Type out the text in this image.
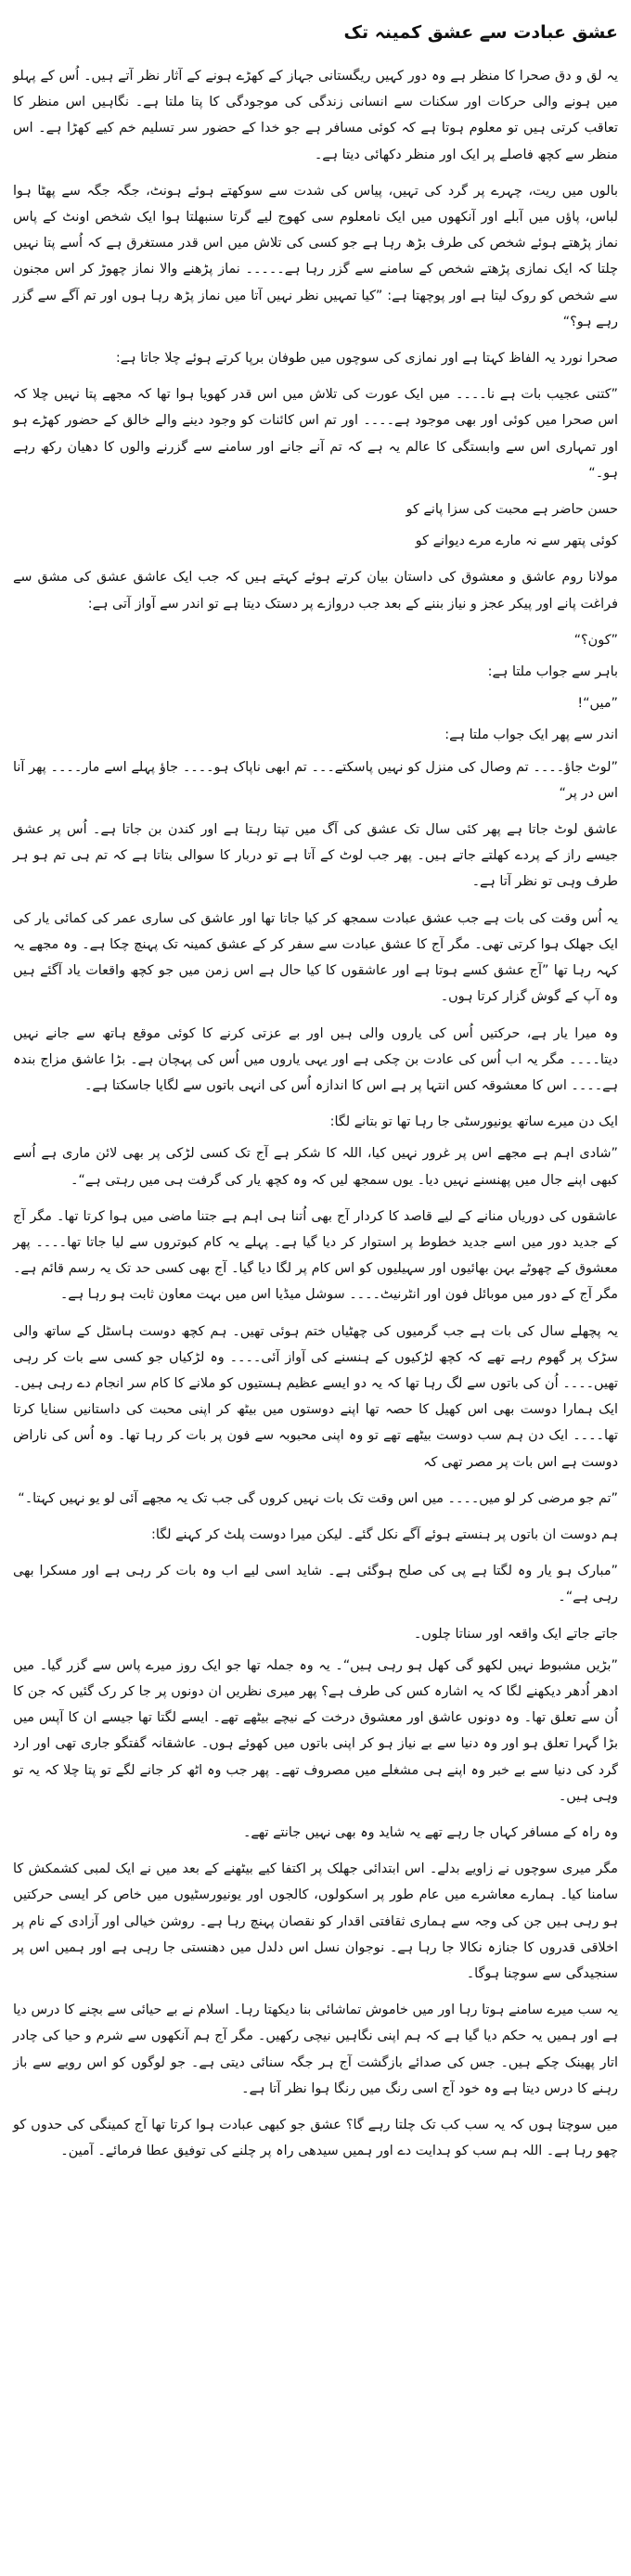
عشق عبادت سے عشق کمینہ تک

یہ لق و دق صحرا کا منظر ہے وہ دور کہیں ریگستانی جہاز کے کھڑے ہونے کے آثار نظر آتے ہیں۔ اُس کے پہلو میں ہونے والی حرکات اور سکنات سے انسانی زندگی کی موجودگی کا پتا ملتا ہے۔ نگاہیں اس منظر کا تعاقب کرتی ہیں تو معلوم ہوتا ہے کہ کوئی مسافر ہے جو خدا کے حضور سر تسلیم خم کیے کھڑا ہے۔ اس منظر سے کچھ فاصلے پر ایک اور منظر دکھائی دیتا ہے۔

بالوں میں ریت، چہرے پر گرد کی تہیں، پیاس کی شدت سے سوکھتے ہوئے ہونٹ، جگہ جگہ سے پھٹا ہوا لباس، پاؤں میں آبلے اور آنکھوں میں ایک نامعلوم سی کھوج لیے گرتا سنبھلتا ہوا ایک شخص اونٹ کے پاس نماز پڑھتے ہوئے شخص کی طرف بڑھ رہا ہے جو کسی کی تلاش میں اس قدر مستغرق ہے کہ اُسے پتا نہیں چلتا کہ ایک نمازی پڑھتے شخص کے سامنے سے گزر رہا ہے۔۔۔۔۔ نماز پڑھنے والا نماز چھوڑ کر اس مجنون سے شخص کو روک لیتا ہے اور پوچھتا ہے: ”کیا تمہیں نظر نہیں آتا میں نماز پڑھ رہا ہوں اور تم آگے سے گزر رہے ہو؟“

صحرا نورد یہ الفاظ کہتا ہے اور نمازی کی سوچوں میں طوفان برپا کرتے ہوئے چلا جاتا ہے:

”کتنی عجیب بات ہے نا۔۔۔۔ میں ایک عورت کی تلاش میں اس قدر کھویا ہوا تھا کہ مجھے پتا نہیں چلا کہ اس صحرا میں کوئی اور بھی موجود ہے۔۔۔۔ اور تم اس کائنات کو وجود دینے والے خالق کے حضور کھڑے ہو اور تمہاری اس سے وابستگی کا عالم یہ ہے کہ تم آنے جانے اور سامنے سے گزرنے والوں کا دھیان رکھ رہے ہو۔“

حسن حاضر ہے محبت کی سزا پانے کو

کوئی پتھر سے نہ مارے مرے دیوانے کو

مولانا روم عاشق و معشوق کی داستان بیان کرتے ہوئے کہتے ہیں کہ جب ایک عاشق عشق کی مشق سے فراغت پانے اور پیکر عجز و نیاز بننے کے بعد جب دروازے پر دستک دیتا ہے تو اندر سے آواز آتی ہے:

”کون؟“

باہر سے جواب ملتا ہے:

”میں“!

اندر سے پھر ایک جواب ملتا ہے:

”لوٹ جاؤ۔۔۔۔ تم وصال کی منزل کو نہیں پاسکتے۔۔۔ تم ابھی ناپاک ہو۔۔۔۔ جاؤ پہلے اسے مار۔۔۔۔ پھر آنا اس در پر“

عاشق لوٹ جاتا ہے پھر کئی سال تک عشق کی آگ میں تپتا رہتا ہے اور کندن بن جاتا ہے۔ اُس پر عشق جیسے راز کے پردے کھلتے جاتے ہیں۔ پھر جب لوٹ کے آتا ہے تو دربار کا سوالی بتاتا ہے کہ تم ہی تم ہو ہر طرف وہی تو نظر آتا ہے۔

یہ اُس وقت کی بات ہے جب عشق عبادت سمجھ کر کیا جاتا تھا اور عاشق کی ساری عمر کی کمائی یار کی ایک جھلک ہوا کرتی تھی۔ مگر آج کا عشق عبادت سے سفر کر کے عشق کمینہ تک پہنچ چکا ہے۔ وہ مجھے یہ کہہ رہا تھا ”آج عشق کسے ہوتا ہے اور عاشقوں کا کیا حال ہے اس زمن میں جو کچھ واقعات یاد آگئے ہیں وہ آپ کے گوش گزار کرتا ہوں۔

وہ میرا یار ہے، حرکتیں اُس کی یاروں والی ہیں اور بے عزتی کرنے کا کوئی موقع ہاتھ سے جانے نہیں دیتا۔۔۔۔ مگر یہ اب اُس کی عادت بن چکی ہے اور یہی یاروں میں اُس کی پہچان ہے۔ بڑا عاشق مزاج بندہ ہے۔۔۔۔ اس کا معشوقہ کس انتہا پر ہے اس کا اندازہ اُس کی انہی باتوں سے لگایا جاسکتا ہے۔

ایک دن میرے ساتھ یونیورسٹی جا رہا تھا تو بتانے لگا:

”شادی اہم ہے مجھے اس پر غرور نہیں کیا، اللہ کا شکر ہے آج تک کسی لڑکی پر بھی لائن ماری ہے اُسے کبھی اپنے جال میں پھنسنے نہیں دیا۔ یوں سمجھ لیں کہ وہ کچھ یار کی گرفت ہی میں رہتی ہے“۔

عاشقوں کی دوریاں منانے کے لیے قاصد کا کردار آج بھی اُتنا ہی اہم ہے جتنا ماضی میں ہوا کرتا تھا۔ مگر آج کے جدید دور میں اسے جدید خطوط پر استوار کر دیا گیا ہے۔ پہلے یہ کام کبوتروں سے لیا جاتا تھا۔۔۔۔ پھر معشوق کے چھوٹے بہن بھائیوں اور سہیلیوں کو اس کام پر لگا دیا گیا۔ آج بھی کسی حد تک یہ رسم قائم ہے۔ مگر آج کے دور میں موبائل فون اور انٹرنیٹ۔۔۔۔ سوشل میڈیا اس میں بہت معاون ثابت ہو رہا ہے۔

یہ پچھلے سال کی بات ہے جب گرمیوں کی چھٹیاں ختم ہوئی تھیں۔ ہم کچھ دوست ہاسٹل کے ساتھ والی سڑک پر گھوم رہے تھے کہ کچھ لڑکیوں کے ہنسنے کی آواز آئی۔۔۔۔ وہ لڑکیاں جو کسی سے بات کر رہی تھیں۔۔۔۔ اُن کی باتوں سے لگ رہا تھا کہ یہ دو ایسے عظیم ہستیوں کو ملانے کا کام سر انجام دے رہی ہیں۔ ایک ہمارا دوست بھی اس کھیل کا حصہ تھا اپنے دوستوں میں بیٹھ کر اپنی محبت کی داستانیں سنایا کرتا تھا۔۔۔۔ ایک دن ہم سب دوست بیٹھے تھے تو وہ اپنی محبوبہ سے فون پر بات کر رہا تھا۔ وہ اُس کی ناراض دوست ہے اس بات پر مصر تھی کہ

”تم جو مرضی کر لو میں۔۔۔۔ میں اس وقت تک بات نہیں کروں گی جب تک یہ مجھے آئی لو یو نہیں کہتا۔“

ہم دوست ان باتوں پر ہنستے ہوئے آگے نکل گئے۔ لیکن میرا دوست پلٹ کر کہنے لگا:

”مبارک ہو یار وہ لگتا ہے پی کی صلح ہوگئی ہے۔ شاید اسی لیے اب وہ بات کر رہی ہے اور مسکرا بھی رہی ہے“۔

جاتے جاتے ایک واقعہ اور سناتا چلوں۔

”بڑیں مشبوط نہیں لکھو گی کھل ہو رہی ہیں“۔ یہ وہ جملہ تھا جو ایک روز میرے پاس سے گزر گیا۔ میں ادھر اُدھر دیکھنے لگا کہ یہ اشارہ کس کی طرف ہے؟ پھر میری نظریں ان دونوں پر جا کر رک گئیں کہ جن کا اُن سے تعلق تھا۔ وہ دونوں عاشق اور معشوق درخت کے نیچے بیٹھے تھے۔ ایسے لگتا تھا جیسے ان کا آپس میں بڑا گہرا تعلق ہو اور وہ دنیا سے بے نیاز ہو کر اپنی باتوں میں کھوئے ہوں۔ عاشقانہ گفتگو جاری تھی اور ارد گرد کی دنیا سے بے خبر وہ اپنے ہی مشغلے میں مصروف تھے۔ پھر جب وہ اٹھ کر جانے لگے تو پتا چلا کہ یہ تو وہی ہیں۔

وہ راہ کے مسافر کہاں جا رہے تھے یہ شاید وہ بھی نہیں جانتے تھے۔

مگر میری سوچوں نے زاویے بدلے۔ اس ابتدائی جھلک پر اکتفا کیے بیٹھنے کے بعد میں نے ایک لمبی کشمکش کا سامنا کیا۔ ہمارے معاشرے میں عام طور پر اسکولوں، کالجوں اور یونیورسٹیوں میں خاص کر ایسی حرکتیں ہو رہی ہیں جن کی وجہ سے ہماری ثقافتی اقدار کو نقصان پہنچ رہا ہے۔ روشن خیالی اور آزادی کے نام پر اخلاقی قدروں کا جنازہ نکالا جا رہا ہے۔ نوجوان نسل اس دلدل میں دھنستی جا رہی ہے اور ہمیں اس پر سنجیدگی سے سوچنا ہوگا۔

یہ سب میرے سامنے ہوتا رہا اور میں خاموش تماشائی بنا دیکھتا رہا۔ اسلام نے بے حیائی سے بچنے کا درس دیا ہے اور ہمیں یہ حکم دیا گیا ہے کہ ہم اپنی نگاہیں نیچی رکھیں۔ مگر آج ہم آنکھوں سے شرم و حیا کی چادر اتار پھینک چکے ہیں۔ جس کی صدائے بازگشت آج ہر جگہ سنائی دیتی ہے۔ جو لوگوں کو اس رویے سے باز رہنے کا درس دیتا ہے وہ خود آج اسی رنگ میں رنگا ہوا نظر آتا ہے۔

میں سوچتا ہوں کہ یہ سب کب تک چلتا رہے گا؟ عشق جو کبھی عبادت ہوا کرتا تھا آج کمینگی کی حدوں کو چھو رہا ہے۔ اللہ ہم سب کو ہدایت دے اور ہمیں سیدھی راہ پر چلنے کی توفیق عطا فرمائے۔ آمین۔
